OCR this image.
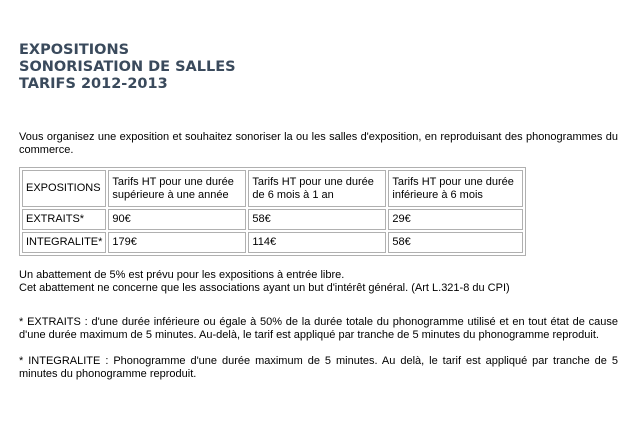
EXPOSITIONS
SONORISATION DE SALLES
TARIFS 2012-2013
Vous organisez une exposition et souhaitez sonoriser la ou les salles d'exposition, en reproduisant des phonogrammes du commerce.
EXPOSITIONS	Tarifs HT pour une durée supérieure à une année	Tarifs HT pour une durée de 6 mois à 1 an	Tarifs HT pour une durée inférieure à 6 mois
EXTRAITS*	90€	58€	29€
INTEGRALITE*	179€	114€	58€
Un abattement de 5% est prévu pour les expositions à entrée libre.
Cet abattement ne concerne que les associations ayant un but d'intérêt général. (Art L.321-8 du CPI)
* EXTRAITS : d'une durée inférieure ou égale à 50% de la durée totale du phonogramme utilisé et en tout état de cause d'une durée maximum de 5 minutes. Au-delà, le tarif est appliqué par tranche de 5 minutes du phonogramme reproduit.
* INTEGRALITE : Phonogramme d'une durée maximum de 5 minutes. Au delà, le tarif est appliqué par tranche de 5 minutes du phonogramme reproduit.
